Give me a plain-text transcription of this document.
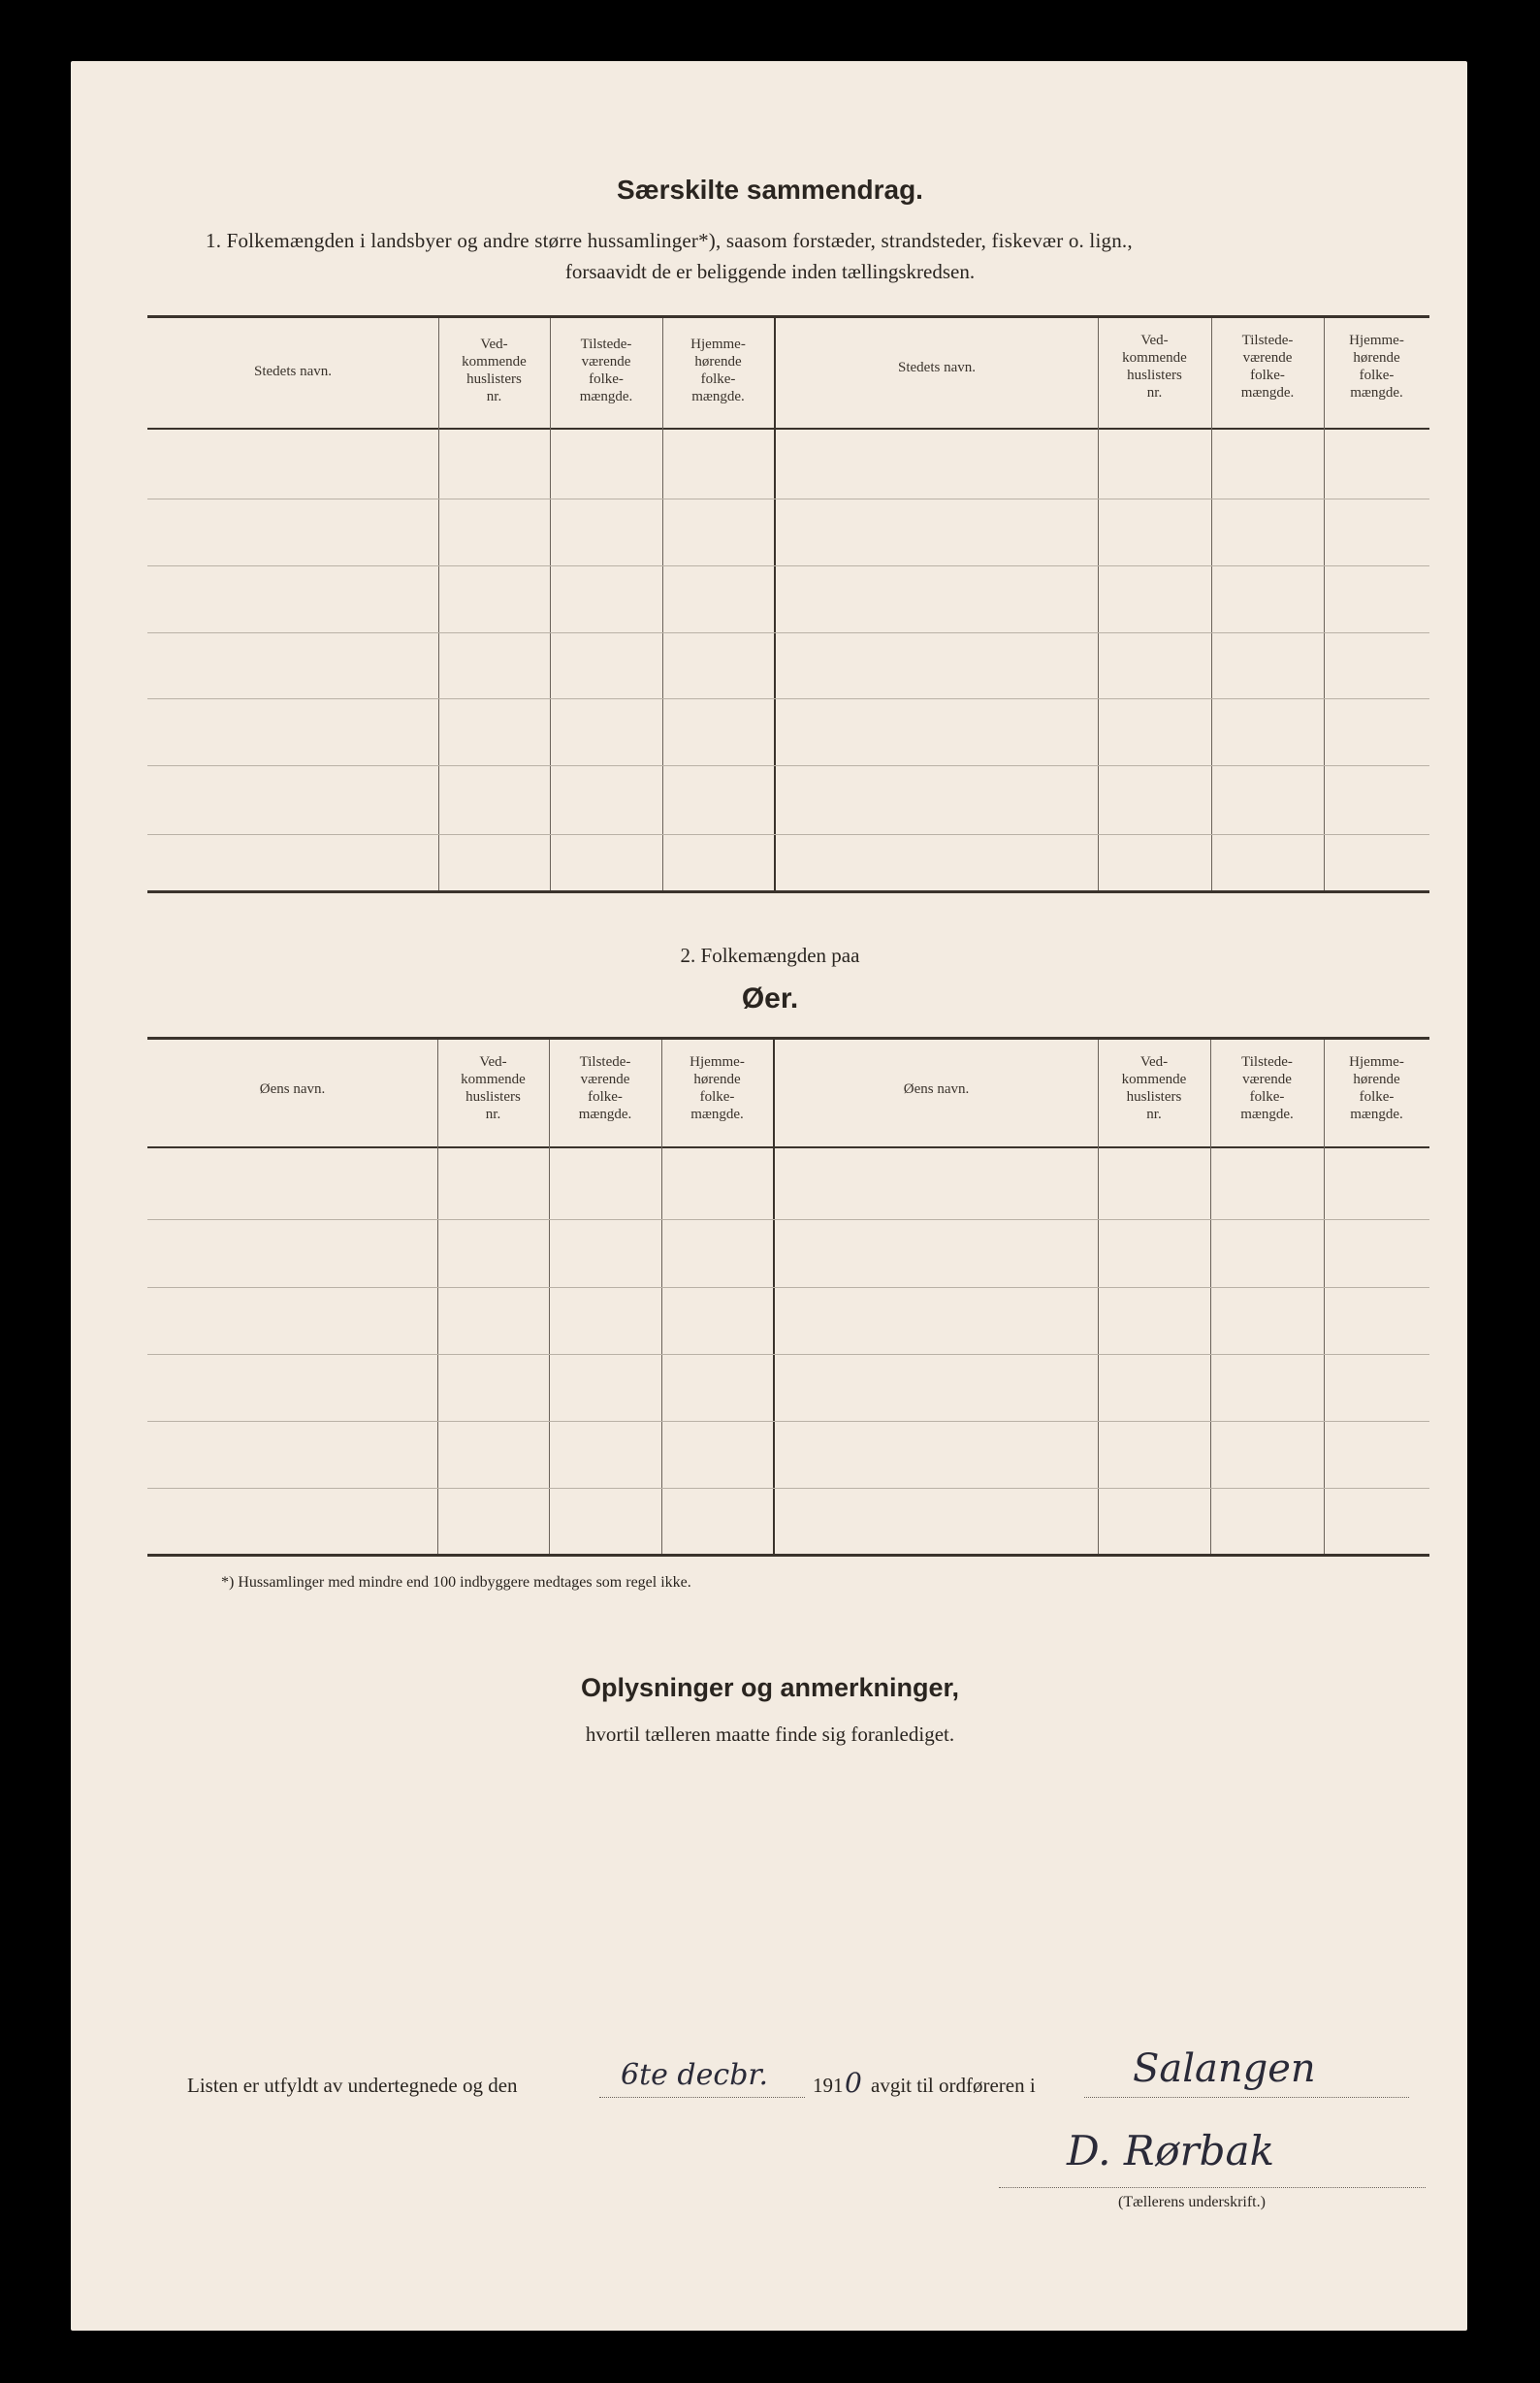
Særskilte sammendrag.
1. Folkemængden i landsbyer og andre større hussamlinger*), saasom forstæder, strandsteder, fiskevær o. lign.,
forsaavidt de er beliggende inden tællingskredsen.
Stedets navn.
Ved-
kommende
huslisters
nr.
Tilstede-
værende
folke-
mængde.
Hjemme-
hørende
folke-
mængde.
Stedets navn.
Ved-
kommende
huslisters
nr.
Tilstede-
værende
folke-
mængde.
Hjemme-
hørende
folke-
mængde.
2. Folkemængden paa
Øer.
Øens navn.
Ved-
kommende
huslisters
nr.
Tilstede-
værende
folke-
mængde.
Hjemme-
hørende
folke-
mængde.
Øens navn.
Ved-
kommende
huslisters
nr.
Tilstede-
værende
folke-
mængde.
Hjemme-
hørende
folke-
mængde.
*) Hussamlinger med mindre end 100 indbyggere medtages som regel ikke.
Oplysninger og anmerkninger,
hvortil tælleren maatte finde sig foranlediget.
Listen er utfyldt av undertegnede og den	6te decbr. 191 0 avgit til ordføreren i	Salangen
D. Rørbak
(Tællerens underskrift.)
